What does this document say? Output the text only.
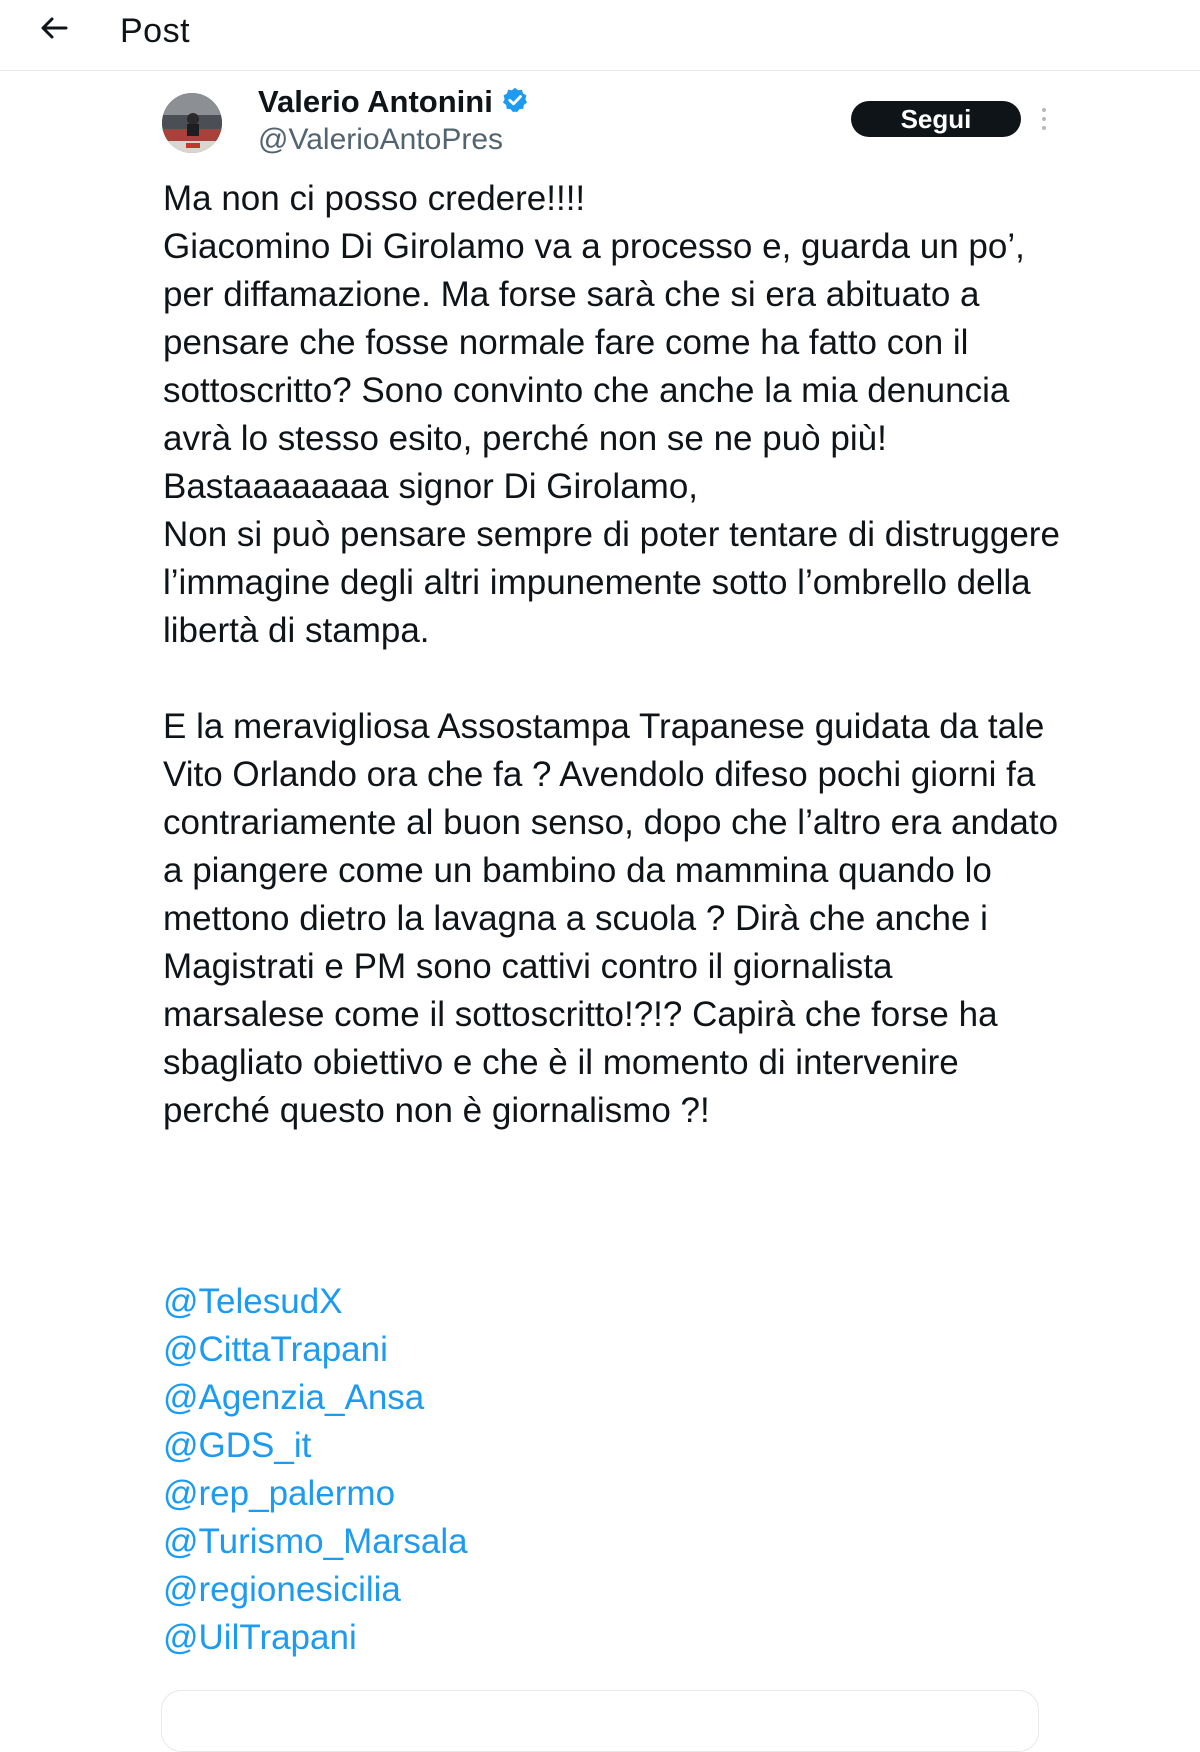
Post
Valerio Antonini
@ValerioAntoPres
Segui

Ma non ci posso credere!!!!
Giacomino Di Girolamo va a processo e, guarda un po’, per diffamazione. Ma forse sarà che si era abituato a pensare che fosse normale fare come ha fatto con il sottoscritto? Sono convinto che anche la mia denuncia avrà lo stesso esito, perché non se ne può più! Bastaaaaaaaa signor Di Girolamo,
Non si può pensare sempre di poter tentare di distruggere l’immagine degli altri impunemente sotto l’ombrello della libertà di stampa.

E la meravigliosa Assostampa Trapanese guidata da tale Vito Orlando ora che fa ? Avendolo difeso pochi giorni fa contrariamente al buon senso, dopo che l’altro era andato a piangere come un bambino da mammina quando lo mettono dietro la lavagna a scuola ? Dirà che anche i Magistrati e PM sono cattivi contro il giornalista marsalese come il sottoscritto!?!? Capirà che forse ha sbagliato obiettivo e che è il momento di intervenire perché questo non è giornalismo ?!

@TelesudX
@CittaTrapani
@Agenzia_Ansa
@GDS_it
@rep_palermo
@Turismo_Marsala
@regionesicilia
@UilTrapani
